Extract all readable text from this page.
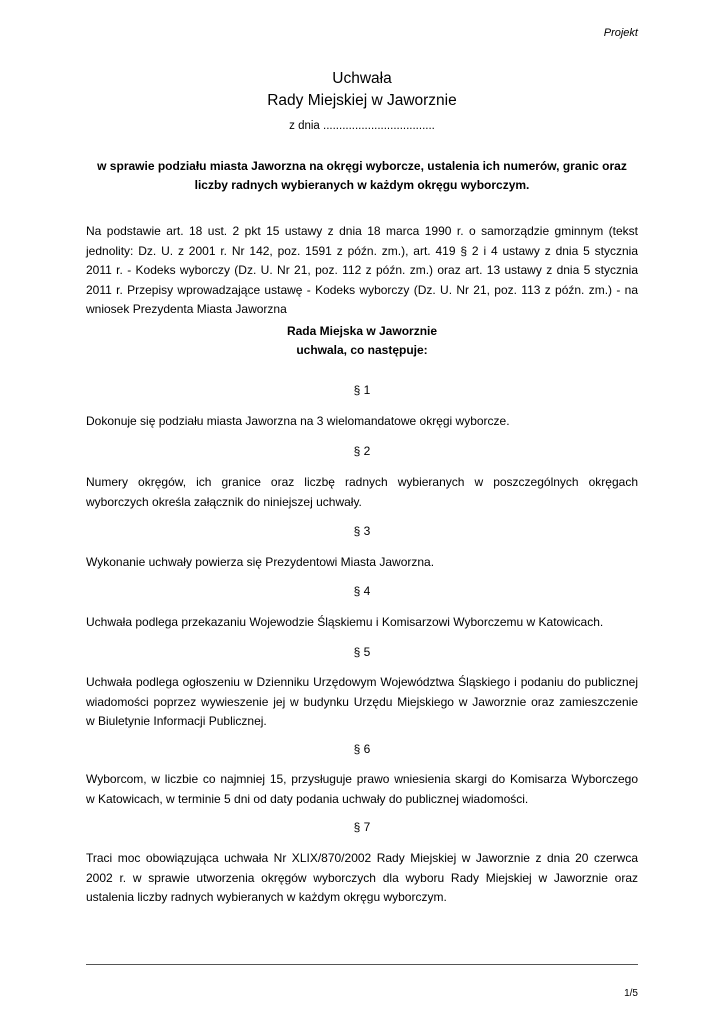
Projekt
Uchwała
Rady Miejskiej w Jaworznie
z dnia ...................................
w sprawie podziału miasta Jaworzna na okręgi wyborcze, ustalenia ich numerów, granic oraz
liczby radnych wybieranych w każdym okręgu wyborczym.
Na podstawie art. 18 ust. 2 pkt 15 ustawy z dnia 18 marca 1990 r. o samorządzie gminnym (tekst
jednolity: Dz. U. z 2001 r. Nr 142, poz. 1591 z późn. zm.), art. 419 § 2 i 4 ustawy z dnia 5 stycznia
2011 r. - Kodeks wyborczy (Dz. U. Nr 21, poz. 112 z późn. zm.) oraz art. 13 ustawy z dnia 5 stycznia
2011 r. Przepisy wprowadzające ustawę - Kodeks wyborczy (Dz. U. Nr 21, poz. 113 z późn. zm.) - na
wniosek Prezydenta Miasta Jaworzna
Rada Miejska w Jaworznie
uchwala, co następuje:
§ 1
Dokonuje się podziału miasta Jaworzna na 3 wielomandatowe okręgi wyborcze.
§ 2
Numery okręgów, ich granice oraz liczbę radnych wybieranych w poszczególnych okręgach
wyborczych określa załącznik do niniejszej uchwały.
§ 3
Wykonanie uchwały powierza się Prezydentowi Miasta Jaworzna.
§ 4
Uchwała podlega przekazaniu Wojewodzie Śląskiemu i Komisarzowi Wyborczemu w Katowicach.
§ 5
Uchwała podlega ogłoszeniu w Dzienniku Urzędowym Województwa Śląskiego i podaniu do publicznej
wiadomości poprzez wywieszenie jej w budynku Urzędu Miejskiego w Jaworznie oraz zamieszczenie
w Biuletynie Informacji Publicznej.
§ 6
Wyborcom, w liczbie co najmniej 15, przysługuje prawo wniesienia skargi do Komisarza Wyborczego
w Katowicach, w terminie 5 dni od daty podania uchwały do publicznej wiadomości.
§ 7
Traci moc obowiązująca uchwała Nr XLIX/870/2002 Rady Miejskiej w Jaworznie z dnia 20 czerwca
2002 r. w sprawie utworzenia okręgów wyborczych dla wyboru Rady Miejskiej w Jaworznie oraz
ustalenia liczby radnych wybieranych w każdym okręgu wyborczym.
1/5
